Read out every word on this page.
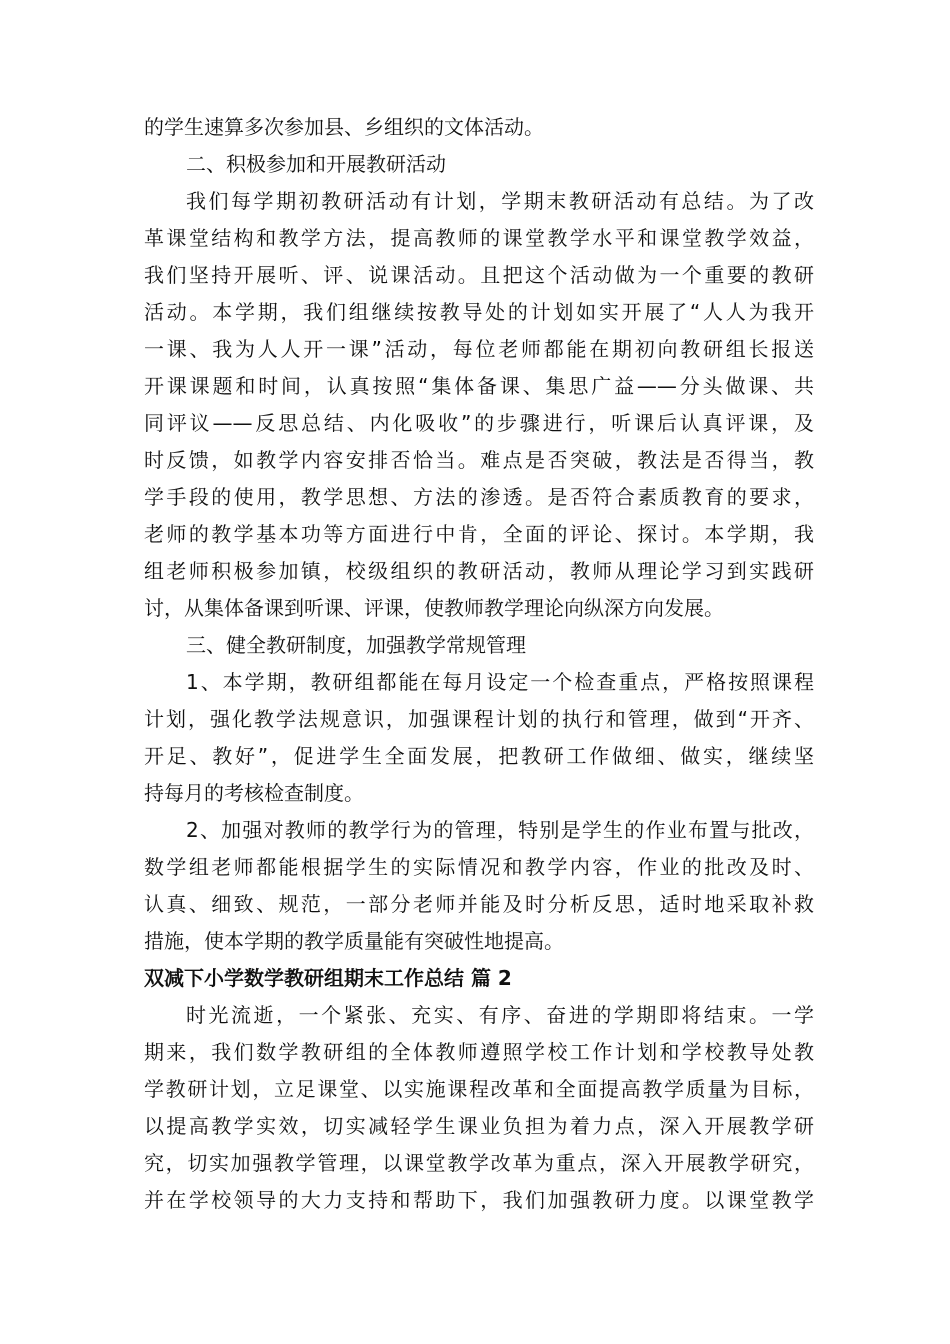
的学生速算多次参加县、乡组织的文体活动。
二、积极参加和开展教研活动
我们每学期初教研活动有计划，学期末教研活动有总结。为了改
革课堂结构和教学方法，提高教师的课堂教学水平和课堂教学效益，
我们坚持开展听、评、说课活动。且把这个活动做为一个重要的教研
活动。本学期，我们组继续按教导处的计划如实开展了“人人为我开
一课、我为人人开一课”活动，每位老师都能在期初向教研组长报送
开课课题和时间，认真按照“集体备课、集思广益——分头做课、共
同评议——反思总结、内化吸收”的步骤进行，听课后认真评课，及
时反馈，如教学内容安排否恰当。难点是否突破，教法是否得当，教
学手段的使用，教学思想、方法的渗透。是否符合素质教育的要求，
老师的教学基本功等方面进行中肯，全面的评论、探讨。本学期，我
组老师积极参加镇，校级组织的教研活动，教师从理论学习到实践研
讨，从集体备课到听课、评课，使教师教学理论向纵深方向发展。
三、健全教研制度，加强教学常规管理
1、本学期，教研组都能在每月设定一个检查重点，严格按照课程
计划，强化教学法规意识，加强课程计划的执行和管理，做到“开齐、
开足、教好”，促进学生全面发展，把教研工作做细、做实，继续坚
持每月的考核检查制度。
2、加强对教师的教学行为的管理，特别是学生的作业布置与批改，
数学组老师都能根据学生的实际情况和教学内容，作业的批改及时、
认真、细致、规范，一部分老师并能及时分析反思，适时地采取补救
措施，使本学期的教学质量能有突破性地提高。
双减下小学数学教研组期末工作总结 篇 2
时光流逝，一个紧张、充实、有序、奋进的学期即将结束。一学
期来，我们数学教研组的全体教师遵照学校工作计划和学校教导处教
学教研计划，立足课堂、以实施课程改革和全面提高教学质量为目标，
以提高教学实效，切实减轻学生课业负担为着力点，深入开展教学研
究，切实加强教学管理，以课堂教学改革为重点，深入开展教学研究，
并在学校领导的大力支持和帮助下，我们加强教研力度。以课堂教学
